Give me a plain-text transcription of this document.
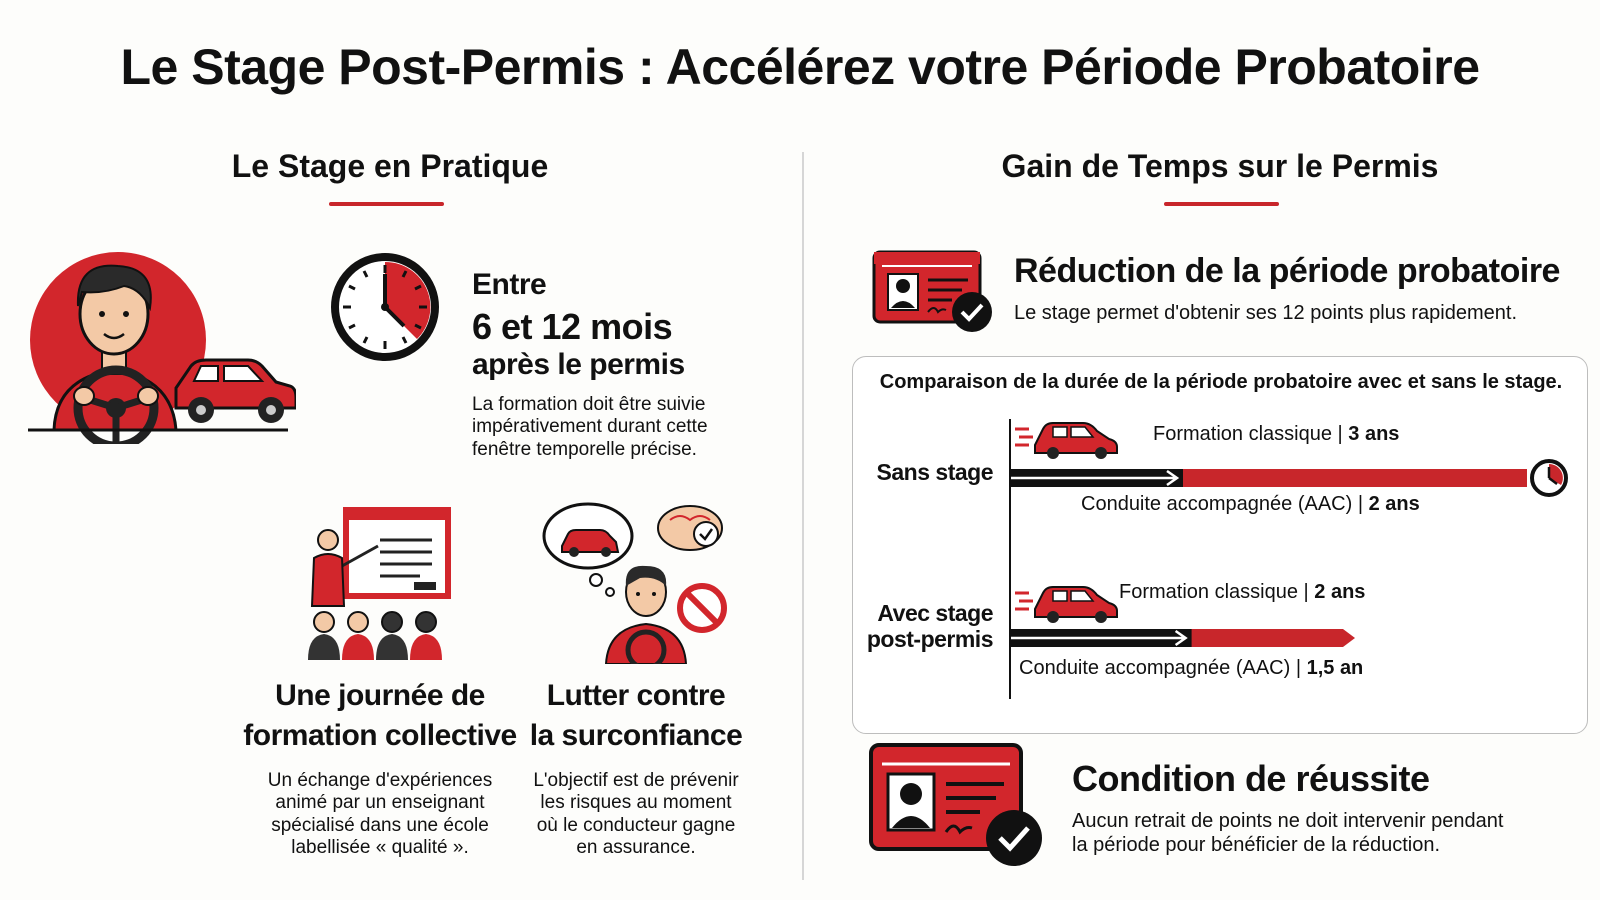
Le Stage Post-Permis : Accélérez votre Période Probatoire
Le Stage en Pratique
Entre
6 et 12 mois
après le permis
La formation doit être suivie
impérativement durant cette
fenêtre temporelle précise.
Une journée de
formation collective
Un échange d'expériences
animé par un enseignant
spécialisé dans une école
labellisée « qualité ».
Lutter contre
la surconfiance
L'objectif est de prévenir
les risques au moment
où le conducteur gagne
en assurance.
Gain de Temps sur le Permis
Réduction de la période probatoire
Le stage permet d'obtenir ses 12 points plus rapidement.
Comparaison de la durée de la période probatoire avec et sans le stage.
Sans stage
Formation classique | 3 ans
Conduite accompagnée (AAC) | 2 ans
Avec stage
post-permis
Formation classique | 2 ans
Conduite accompagnée (AAC) | 1,5 an
Condition de réussite
Aucun retrait de points ne doit intervenir pendant
la période pour bénéficier de la réduction.
